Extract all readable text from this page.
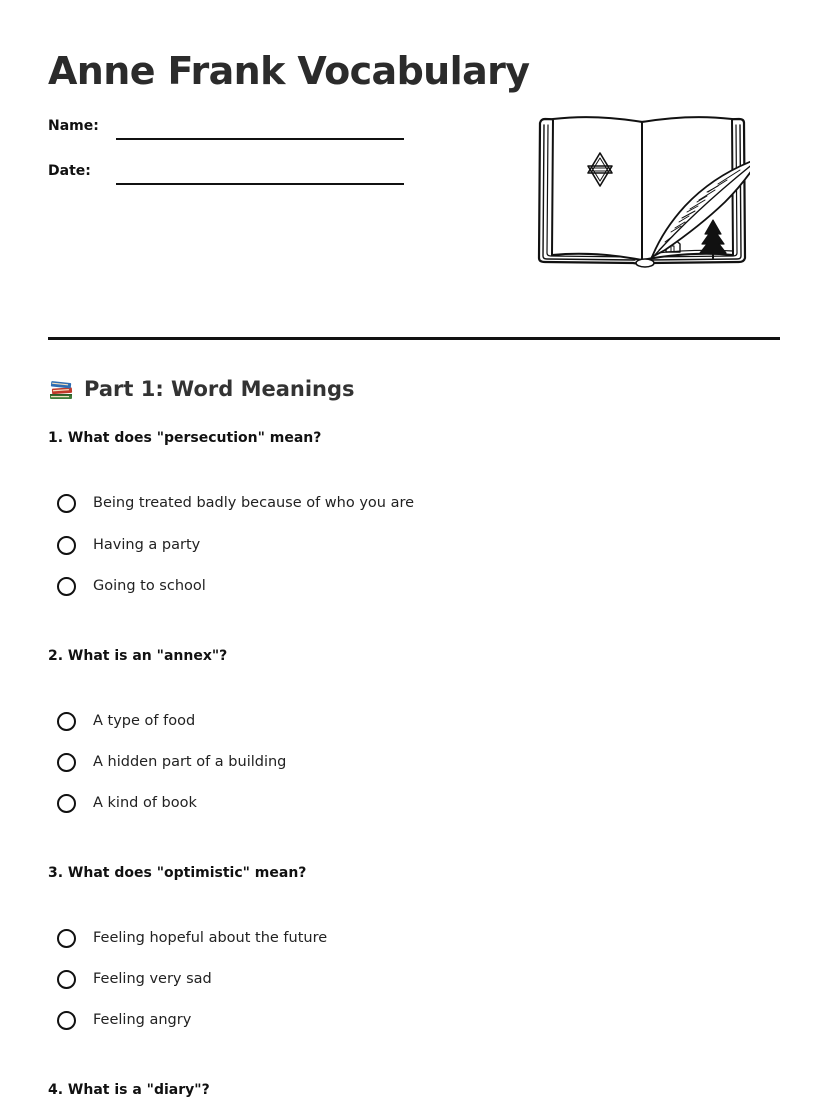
Anne Frank Vocabulary
Name:
Date:
Part 1: Word Meanings
1. What does "persecution" mean?
Being treated badly because of who you are
Having a party
Going to school
2. What is an "annex"?
A type of food
A hidden part of a building
A kind of book
3. What does "optimistic" mean?
Feeling hopeful about the future
Feeling very sad
Feeling angry
4. What is a "diary"?
